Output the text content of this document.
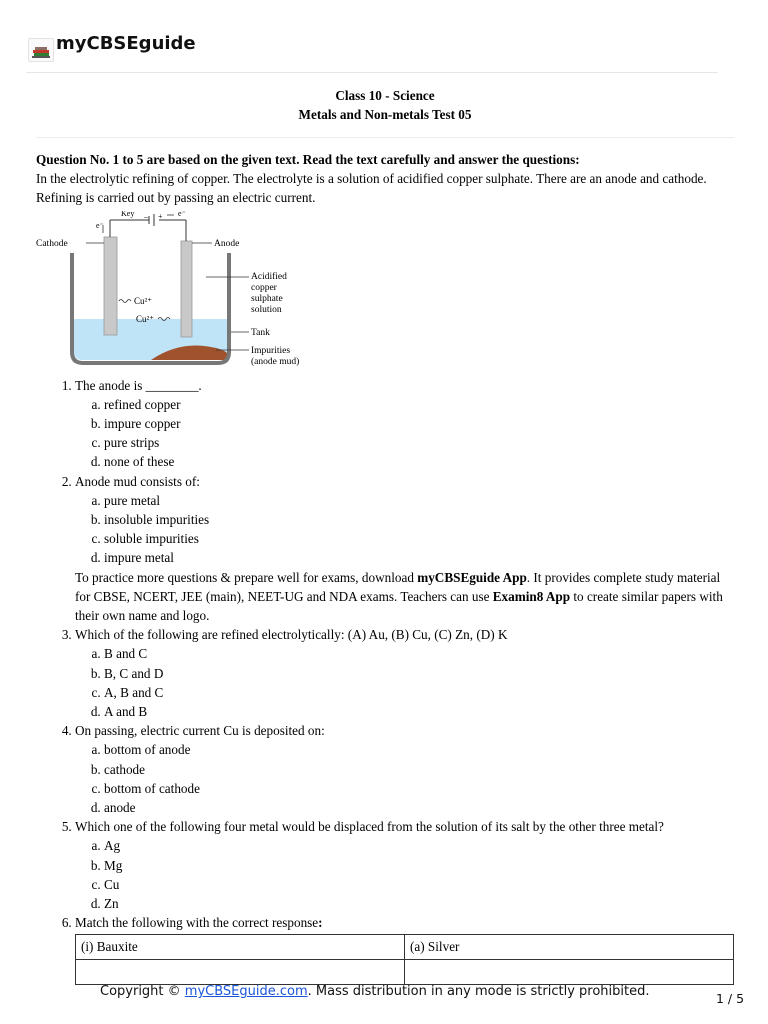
myCBSEguide
Class 10 - Science
Metals and Non-metals Test 05

Question No. 1 to 5 are based on the given text. Read the text carefully and answer the questions:

In the electrolytic refining of copper. The electrolyte is a solution of acidified copper sulphate. There are an anode and cathode. Refining is carried out by passing an electric current.

Key – +
e⁻
e⁻
Cathode	Anode
Acidified
copper
sulphate
solution
Tank
Impurities
(anode mud)
Cu²⁺
Cu²⁺
1. The anode is ________.
a. refined copper
b. impure copper
c. pure strips
d. none of these
2. Anode mud consists of:
a. pure metal
b. insoluble impurities
c. soluble impurities
d. impure metal

To practice more questions & prepare well for exams, download myCBSEguide App. It provides complete study material for CBSE, NCERT, JEE (main), NEET-UG and NDA exams. Teachers can use Examin8 App to create similar papers with their own name and logo.

3. Which of the following are refined electrolytically: (A) Au, (B) Cu, (C) Zn, (D) K
a. B and C
b. B, C and D
c. A, B and C
d. A and B
4. On passing, electric current Cu is deposited on:
a. bottom of anode
b. cathode
c. bottom of cathode
d. anode
5. Which one of the following four metal would be displaced from the solution of its salt by the other three metal?
a. Ag
b. Mg
c. Cu
d. Zn
6. Match the following with the correct response:
(i) Bauxite	(a) Silver

Copyright © myCBSEguide.com. Mass distribution in any mode is strictly prohibited.	1 / 5
